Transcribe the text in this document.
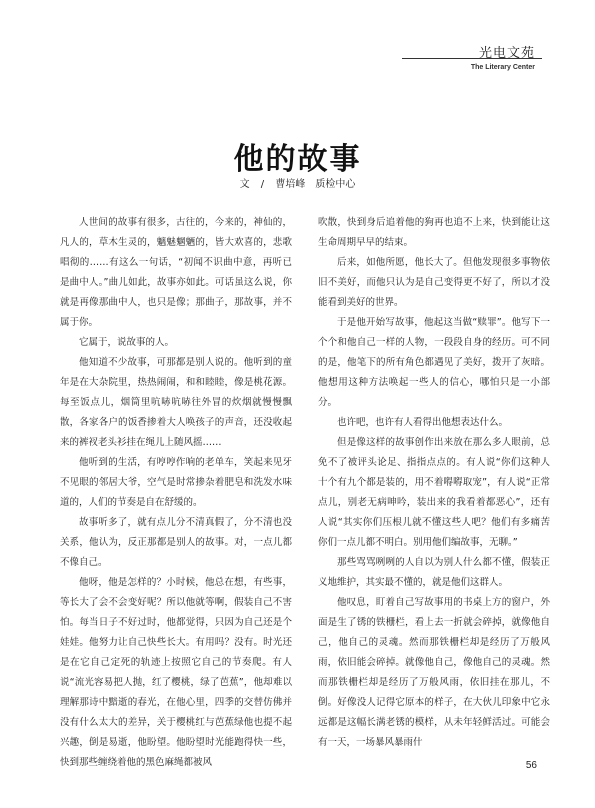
光电文苑
The Literary Center
他的故事
文 / 曹培峰　质检中心

人世间的故事有很多，古往的，今来的，神仙的，凡人的，草木生灵的，魑魅魍魉的，皆大欢喜的，悲歌唱彻的……有这么一句话，“初闻不识曲中意，再听已是曲中人。”曲儿如此，故事亦如此。可话虽这么说，你就是再像那曲中人，也只是像；那曲子，那故事，并不属于你。

它属于，说故事的人。

他知道不少故事，可那都是别人说的。他听到的童年是在大杂院里，热热闹闹，和和睦睦，像是桃花源。每至饭点儿，烟筒里吭哧吭哧往外冒的炊烟就慢慢飘散，各家各户的饭香掺着大人唤孩子的声音，还没收起来的裤衩老头衫挂在绳儿上随风摇……

他听到的生活，有哼哼作响的老单车，笑起来见牙不见眼的邻居大爷，空气是时常掺杂着肥皂和洗发水味道的，人们的节奏是自在舒缓的。

故事听多了，就有点儿分不清真假了，分不清也没关系，他认为，反正那都是别人的故事。对，一点儿都不像自己。

他呀，他是怎样的？小时候，他总在想，有些事，等长大了会不会变好呢？所以他就等啊，假装自己不害怕。每当日子不好过时，他都觉得，只因为自己还是个娃娃。他努力让自己快些长大。有用吗？没有。时光还是在它自己定死的轨迹上按照它自己的节奏爬。有人说“流光容易把人抛，红了樱桃，绿了芭蕉”，他却难以理解那诗中黯逝的春光，在他心里，四季的交替仿佛并没有什么太大的差异，关于樱桃红与芭蕉绿他也提不起兴趣，倒是易逝，他盼望。他盼望时光能跑得快一些，快到那些缠绕着他的黑色麻绳都被风

吹散，快到身后追着他的狗再也追不上来，快到能让这生命周期早早的结束。

后来，如他所愿，他长大了。但他发现很多事物依旧不美好，而他只认为是自己变得更不好了，所以才没能看到美好的世界。

于是他开始写故事，他起这当做“赎罪”。他写下一个个和他自己一样的人物，一段段自身的经历。可不同的是，他笔下的所有角色都遇见了美好，拨开了灰暗。他想用这种方法唤起一些人的信心，哪怕只是一小部分。

也许吧，也许有人看得出他想表达什么。

但是像这样的故事创作出来放在那么多人眼前，总免不了被评头论足、指指点点的。有人说“你们这种人十个有九个都是装的，用不着嘚嘚取宠”，有人说“正常点儿，别老无病呻吟，装出来的我看着都恶心”，还有人说“其实你们压根儿就不懂这些人吧？他们有多痛苦你们一点儿都不明白。别用他们编故事，无聊。”

那些骂骂咧咧的人自以为别人什么都不懂，假装正义地维护，其实最不懂的，就是他们这群人。

他叹息，盯着自己写故事用的书桌上方的窗户，外面是生了锈的铁栅栏，看上去一折就会碎掉，就像他自己，他自己的灵魂。然而那铁栅栏却是经历了万般风雨，依旧能会碎掉。就像他自己，像他自己的灵魂。然而那铁栅栏却是经历了万般风雨，依旧挂在那儿，不倒。好像没人记得它原本的样子，在大伙儿印象中它永远都是这幅长满老锈的模样，从未年轻鲜活过。可能会有一天，一场暴风暴雨什

56
